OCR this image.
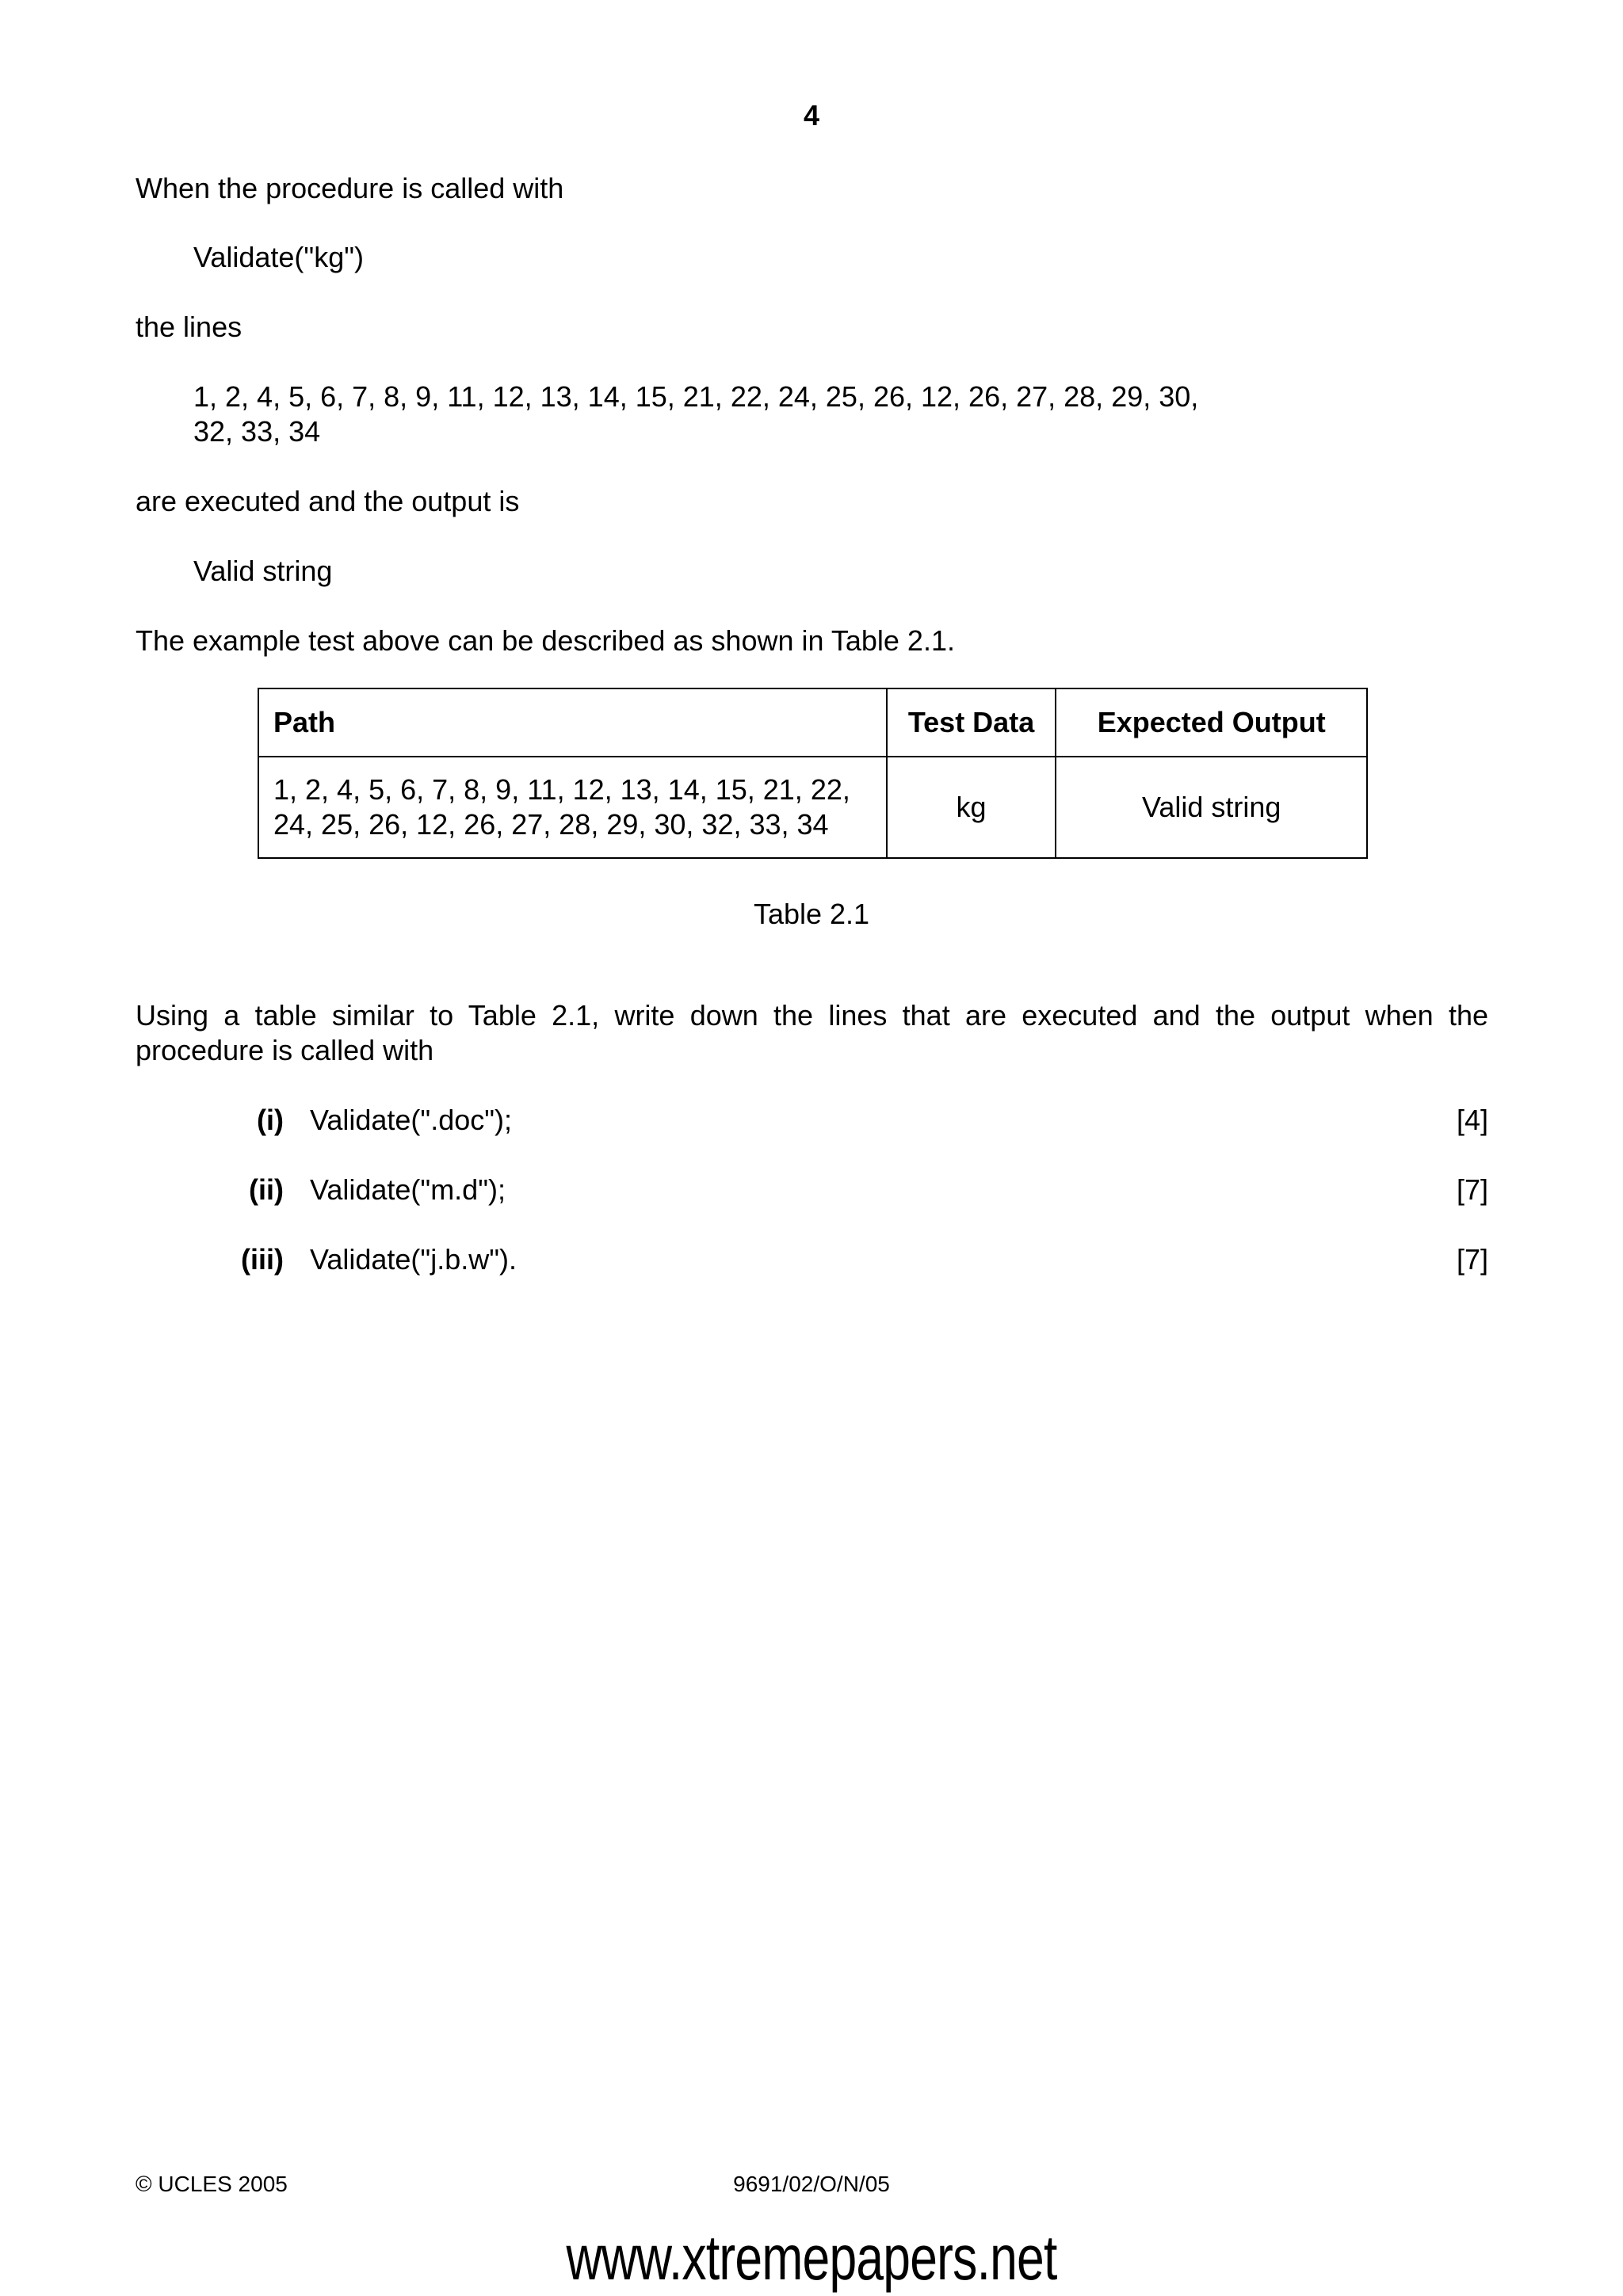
4
When the procedure is called with
Validate("kg")
the lines
1, 2, 4, 5, 6, 7, 8, 9, 11, 12, 13, 14, 15, 21, 22, 24, 25, 26, 12, 26, 27, 28, 29, 30,
32, 33, 34
are executed and the output is
Valid string
The example test above can be described as shown in Table 2.1.
Path	Test Data	Expected Output

1, 2, 4, 5, 6, 7, 8, 9, 11, 12, 13, 14, 15, 21, 22,
24, 25, 26, 12, 26, 27, 28, 29, 30, 32, 33, 34	kg	Valid string
Table 2.1
Using a table similar to Table 2.1, write down the lines that are executed and the output when the procedure is called with
(i) Validate(".doc");	[4]
(ii) Validate("m.d");	[7]
(iii) Validate("j.b.w").	[7]
© UCLES 2005	9691/02/O/N/05
www.xtremepapers.net
